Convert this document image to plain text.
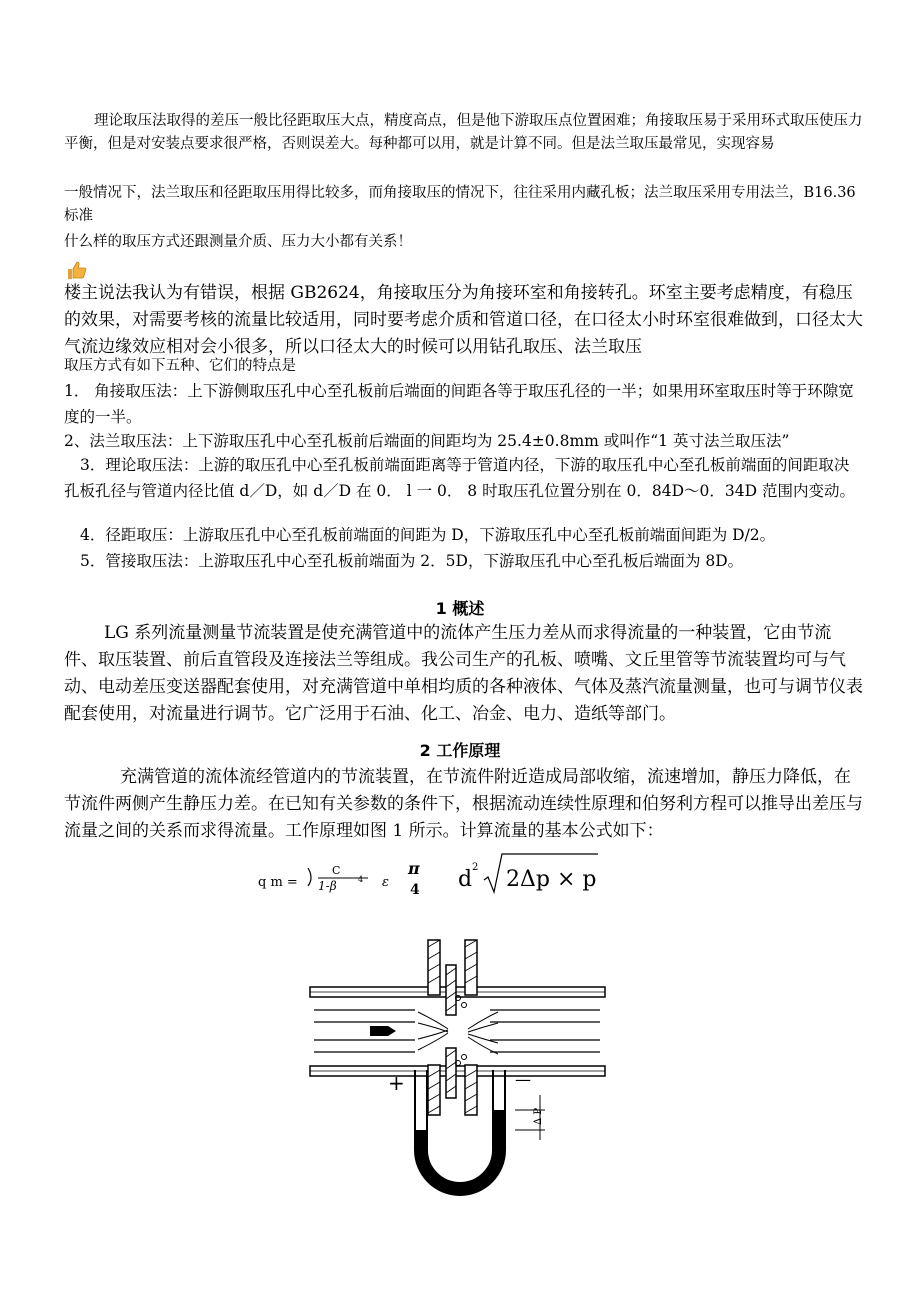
理论取压法取得的差压一般比径距取压大点，精度高点，但是他下游取压点位置困难；角接取压易于采用环式取压使压力平衡，但是对安装点要求很严格，否则误差大。每种都可以用，就是计算不同。但是法兰取压最常见，实现容易
一般情况下，法兰取压和径距取压用得比较多，而角接取压的情况下，往往采用内藏孔板；法兰取压采用专用法兰，B16.36 标准
什么样的取压方式还跟测量介质、压力大小都有关系！
楼主说法我认为有错误，根据 GB2624，角接取压分为角接环室和角接转孔。环室主要考虑精度，有稳压的效果，对需要考核的流量比较适用，同时要考虑介质和管道口径，在口径太小时环室很难做到，口径太大气流边缘效应相对会小很多，所以口径太大的时候可以用钻孔取压、法兰取压
取压方式有如下五种、它们的特点是
1． 角接取压法：上下游侧取压孔中心至孔板前后端面的间距各等于取压孔径的一半；如果用环室取压时等于环隙宽度的一半。
2、法兰取压法：上下游取压孔中心至孔板前后端面的间距均为 25.4±0.8mm 或叫作“1 英寸法兰取压法”
3．理论取压法：上游的取压孔中心至孔板前端面距离等于管道内径，下游的取压孔中心至孔板前端面的间距取决孔板孔径与管道内径比值 d／D，如 d／D 在 0． l 一 0． 8 时取压孔位置分别在 0．84D～0．34D 范围内变动。
4．径距取压：上游取压孔中心至孔板前端面的间距为 D，下游取压孔中心至孔板前端面间距为 D/2。
5．管接取压法：上游取压孔中心至孔板前端面为 2．5D，下游取压孔中心至孔板后端面为 8D。
1 概述
LG 系列流量测量节流装置是使充满管道中的流体产生压力差从而求得流量的一种装置，它由节流件、取压装置、前后直管段及连接法兰等组成。我公司生产的孔板、喷嘴、文丘里管等节流装置均可与气动、电动差压变送器配套使用，对充满管道中单相均质的各种液体、气体及蒸汽流量测量，也可与调节仪表配套使用，对流量进行调节。它广泛用于石油、化工、冶金、电力、造纸等部门。
2 工作原理
充满管道的流体流经管道内的节流装置，在节流件附近造成局部收缩，流速增加，静压力降低，在节流件两侧产生静压力差。在已知有关参数的条件下，根据流动连续性原理和伯努利方程可以推导出差压与流量之间的关系而求得流量。工作原理如图 1 所示。计算流量的基本公式如下：
q m =
C
1-β	4 ε
π
4 d 2 2Δp × p
+	—
Δ P
